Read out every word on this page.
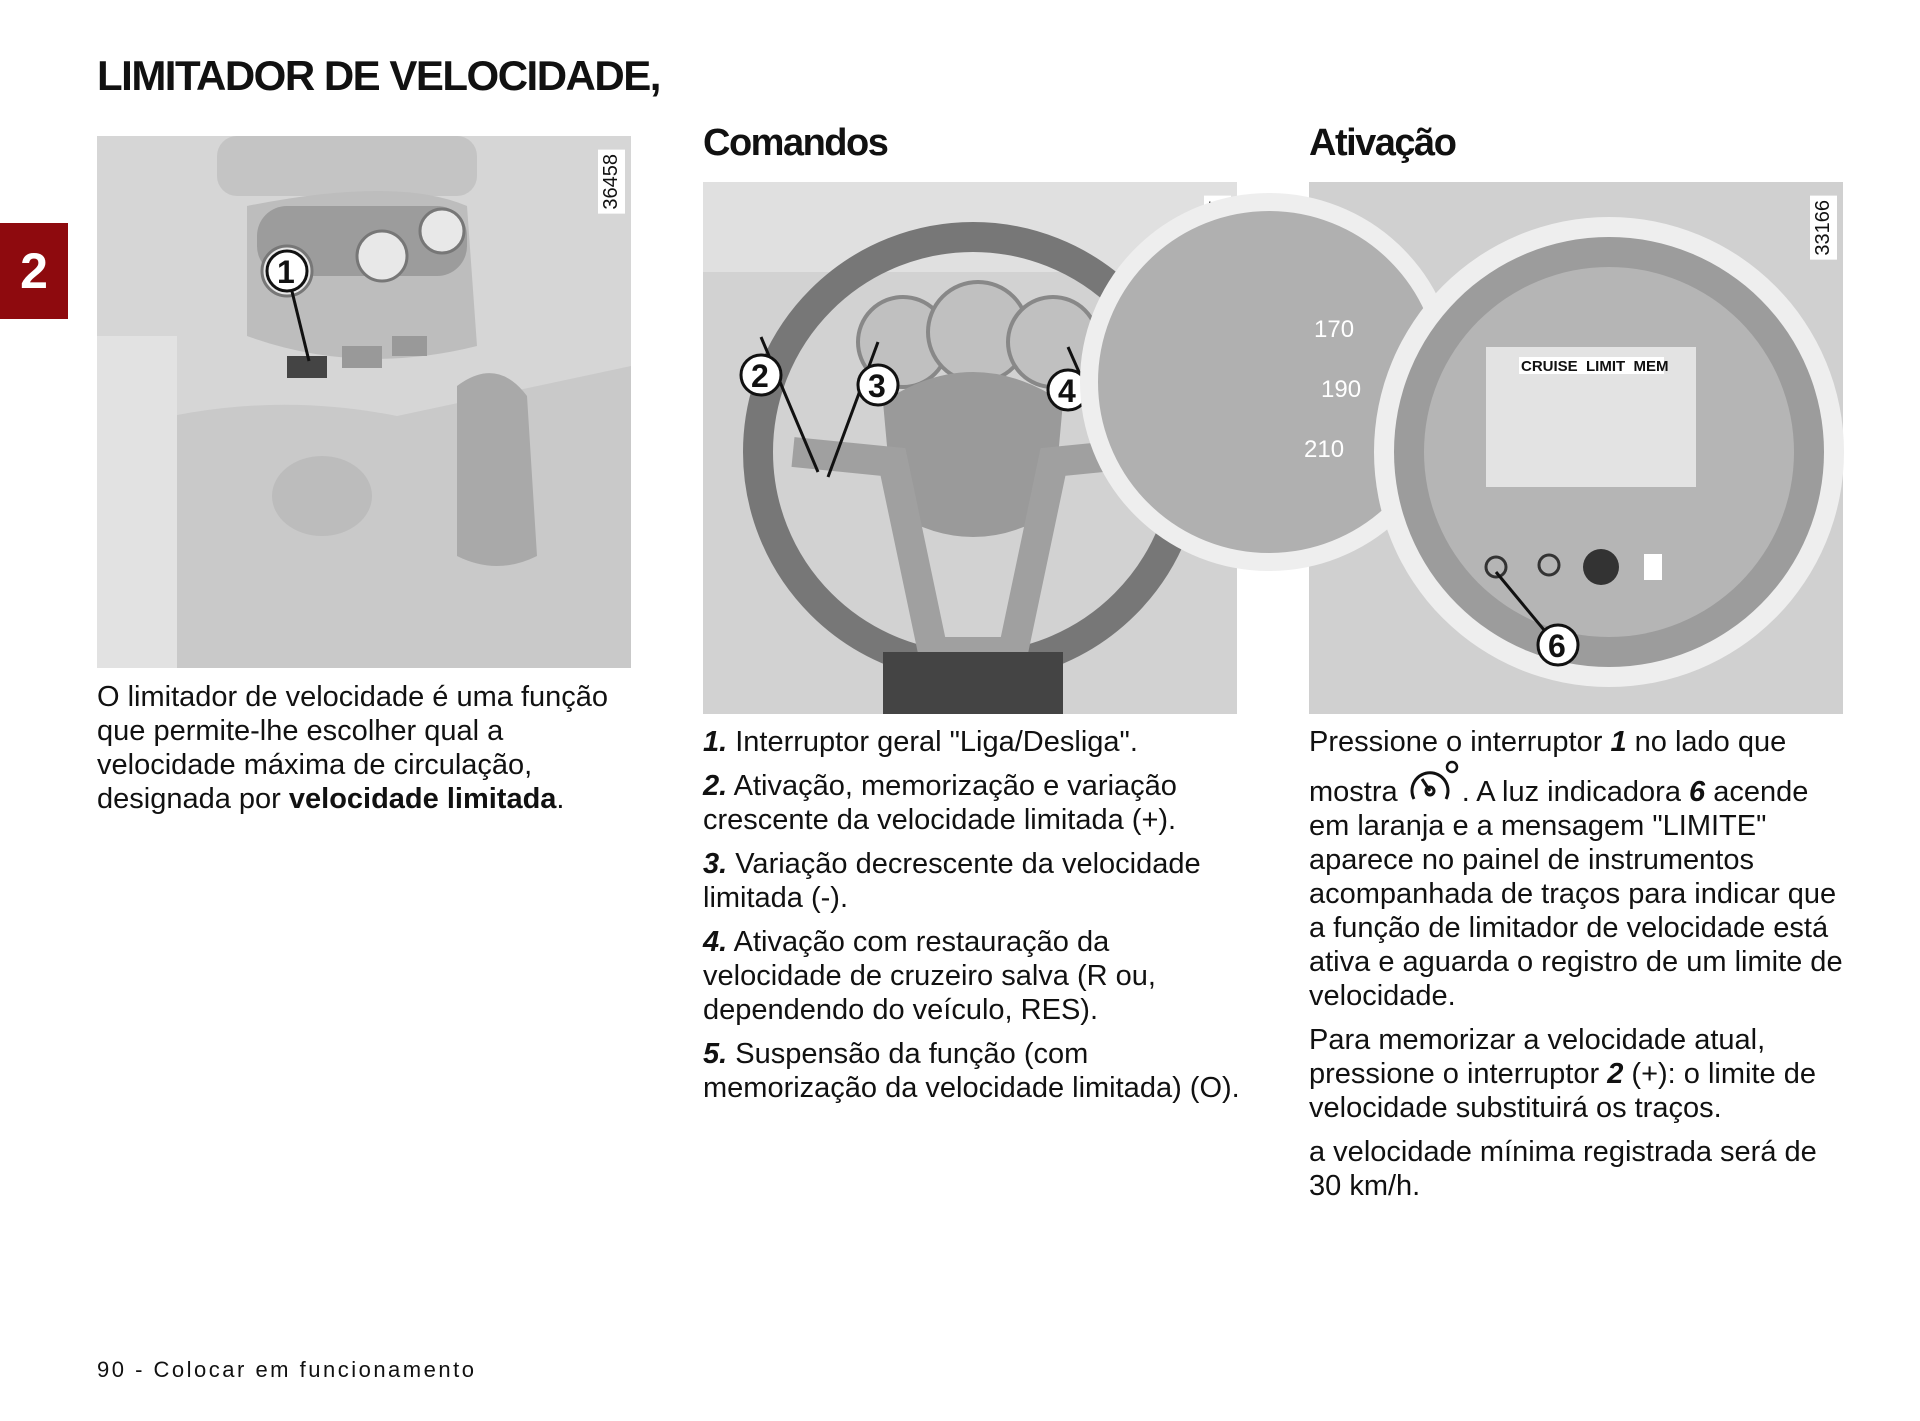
LIMITADOR DE VELOCIDADE,
2	1
36458
Comandos
2	3	4
Ativação
CRUISE  LIMIT  MEM
170
190
210
6
33166
O limitador de velocidade é uma função que permite-lhe escolher qual a velocidade máxima de circulação, designada por velocidade limitada.

1. Interruptor geral "Liga/Desliga".

2. Ativação, memorização e variação crescente da velocidade limitada (+).

3. Variação decrescente da velocidade limitada (-).

4. Ativação com restauração da velocidade de cruzeiro salva (R ou, dependendo do veículo, RES).

5. Suspensão da função (com memorização da velocidade limitada) (O).

Pressione o interruptor 1 no lado que mostra . A luz indicadora 6 acende em laranja e a mensagem "LIMITE" aparece no painel de instrumentos acompanhada de traços para indicar que a função de limitador de velocidade está ativa e aguarda o registro de um limite de velocidade.

Para memorizar a velocidade atual, pressione o interruptor 2 (+): o limite de velocidade substituirá os traços.

a velocidade mínima registrada será de 30 km/h.

90 - Colocar em funcionamento
